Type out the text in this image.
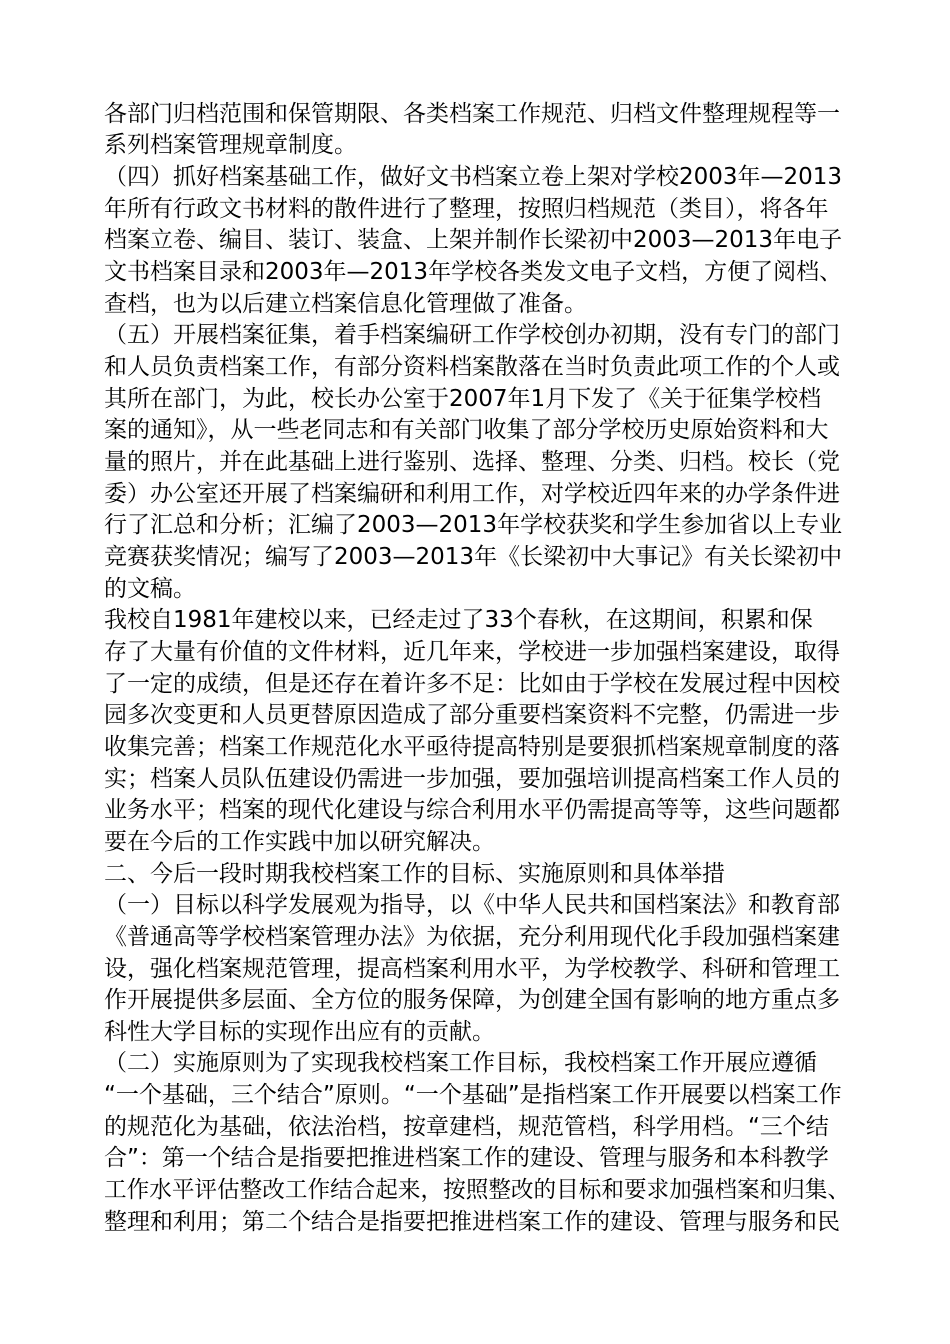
各部门归档范围和保管期限、各类档案工作规范、归档文件整理规程等一
系列档案管理规章制度。
（四）抓好档案基础工作，做好文书档案立卷上架对学校2003年—2013
年所有行政文书材料的散件进行了整理，按照归档规范（类目），将各年
档案立卷、编目、装订、装盒、上架并制作长梁初中2003—2013年电子
文书档案目录和2003年—2013年学校各类发文电子文档，方便了阅档、
查档，也为以后建立档案信息化管理做了准备。
（五）开展档案征集，着手档案编研工作学校创办初期，没有专门的部门
和人员负责档案工作，有部分资料档案散落在当时负责此项工作的个人或
其所在部门，为此，校长办公室于2007年1月下发了《关于征集学校档
案的通知》，从一些老同志和有关部门收集了部分学校历史原始资料和大
量的照片，并在此基础上进行鉴别、选择、整理、分类、归档。校长（党
委）办公室还开展了档案编研和利用工作，对学校近四年来的办学条件进
行了汇总和分析；汇编了2003—2013年学校获奖和学生参加省以上专业
竞赛获奖情况；编写了2003—2013年《长梁初中大事记》有关长梁初中
的文稿。
我校自1981年建校以来，已经走过了33个春秋，在这期间，积累和保
存了大量有价值的文件材料，近几年来，学校进一步加强档案建设，取得
了一定的成绩，但是还存在着许多不足：比如由于学校在发展过程中因校
园多次变更和人员更替原因造成了部分重要档案资料不完整，仍需进一步
收集完善；档案工作规范化水平亟待提高特别是要狠抓档案规章制度的落
实；档案人员队伍建设仍需进一步加强，要加强培训提高档案工作人员的
业务水平；档案的现代化建设与综合利用水平仍需提高等等，这些问题都
要在今后的工作实践中加以研究解决。
二、今后一段时期我校档案工作的目标、实施原则和具体举措
（一）目标以科学发展观为指导，以《中华人民共和国档案法》和教育部
《普通高等学校档案管理办法》为依据，充分利用现代化手段加强档案建
设，强化档案规范管理，提高档案利用水平，为学校教学、科研和管理工
作开展提供多层面、全方位的服务保障，为创建全国有影响的地方重点多
科性大学目标的实现作出应有的贡献。
（二）实施原则为了实现我校档案工作目标，我校档案工作开展应遵循
“一个基础，三个结合”原则。“一个基础”是指档案工作开展要以档案工作
的规范化为基础，依法治档，按章建档，规范管档，科学用档。“三个结
合”：第一个结合是指要把推进档案工作的建设、管理与服务和本科教学
工作水平评估整改工作结合起来，按照整改的目标和要求加强档案和归集、
整理和利用；第二个结合是指要把推进档案工作的建设、管理与服务和民
